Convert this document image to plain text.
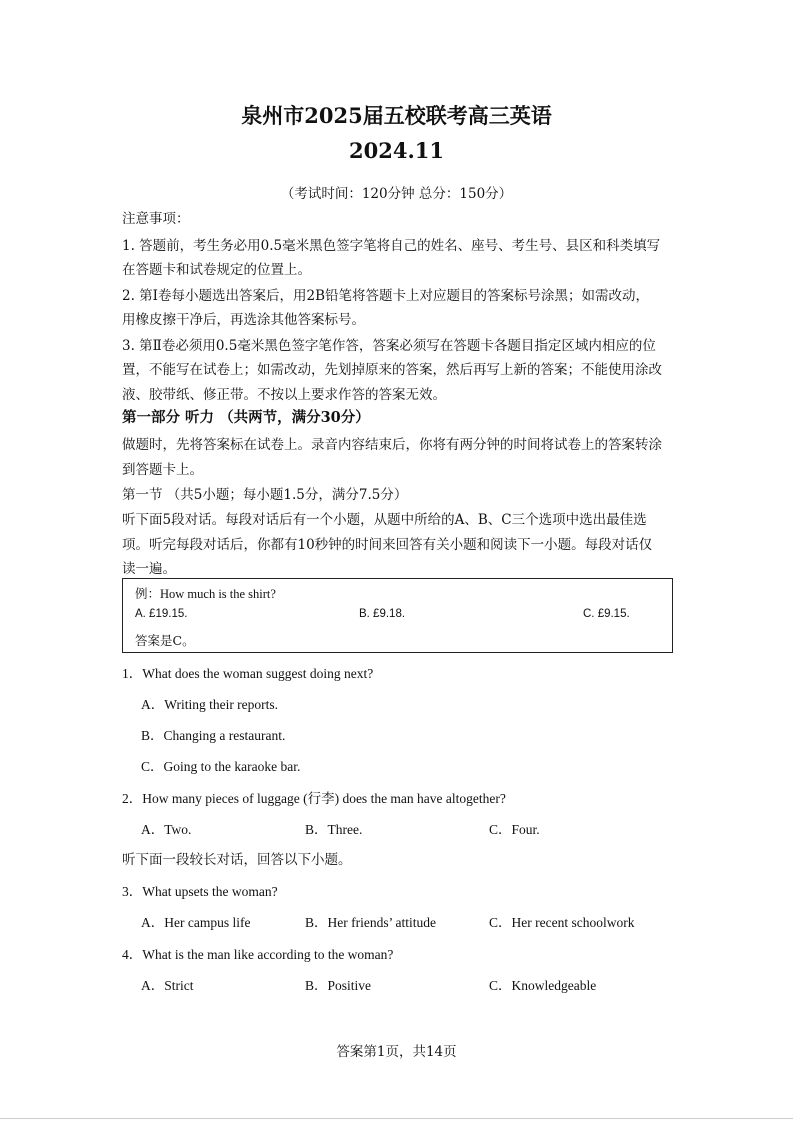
泉州市2025届五校联考高三英语
2024.11
（考试时间：120分钟 总分：150分）
注意事项：
1. 答题前，考生务必用0.5毫米黑色签字笔将自己的姓名、座号、考生号、县区和科类填写
在答题卡和试卷规定的位置上。
2. 第Ⅰ卷每小题选出答案后，用2B铅笔将答题卡上对应题目的答案标号涂黑；如需改动，
用橡皮擦干净后，再选涂其他答案标号。
3. 第Ⅱ卷必须用0.5毫米黑色签字笔作答，答案必须写在答题卡各题目指定区域内相应的位
置，不能写在试卷上；如需改动，先划掉原来的答案，然后再写上新的答案；不能使用涂改
液、胶带纸、修正带。不按以上要求作答的答案无效。
第一部分 听力 （共两节，满分30分）
做题时，先将答案标在试卷上。录音内容结束后，你将有两分钟的时间将试卷上的答案转涂
到答题卡上。
第一节 （共5小题；每小题1.5分，满分7.5分）
听下面5段对话。每段对话后有一个小题，从题中所给的A、B、C三个选项中选出最佳选
项。听完每段对话后，你都有10秒钟的时间来回答有关小题和阅读下一小题。每段对话仅
读一遍。
例：How much is the shirt?
A. £19.15.	B. £9.18.	C. £9.15.
答案是C。
1．What does the woman suggest doing next?
A．Writing their reports.
B．Changing a restaurant.
C．Going to the karaoke bar.
2．How many pieces of luggage (行李) does the man have altogether?
A．Two.	B．Three.	C．Four.
听下面一段较长对话，回答以下小题。
3．What upsets the woman?
A．Her campus life	B．Her friends’ attitude	C．Her recent schoolwork
4．What is the man like according to the woman?
A．Strict	B．Positive	C．Knowledgeable
答案第1页，共14页
